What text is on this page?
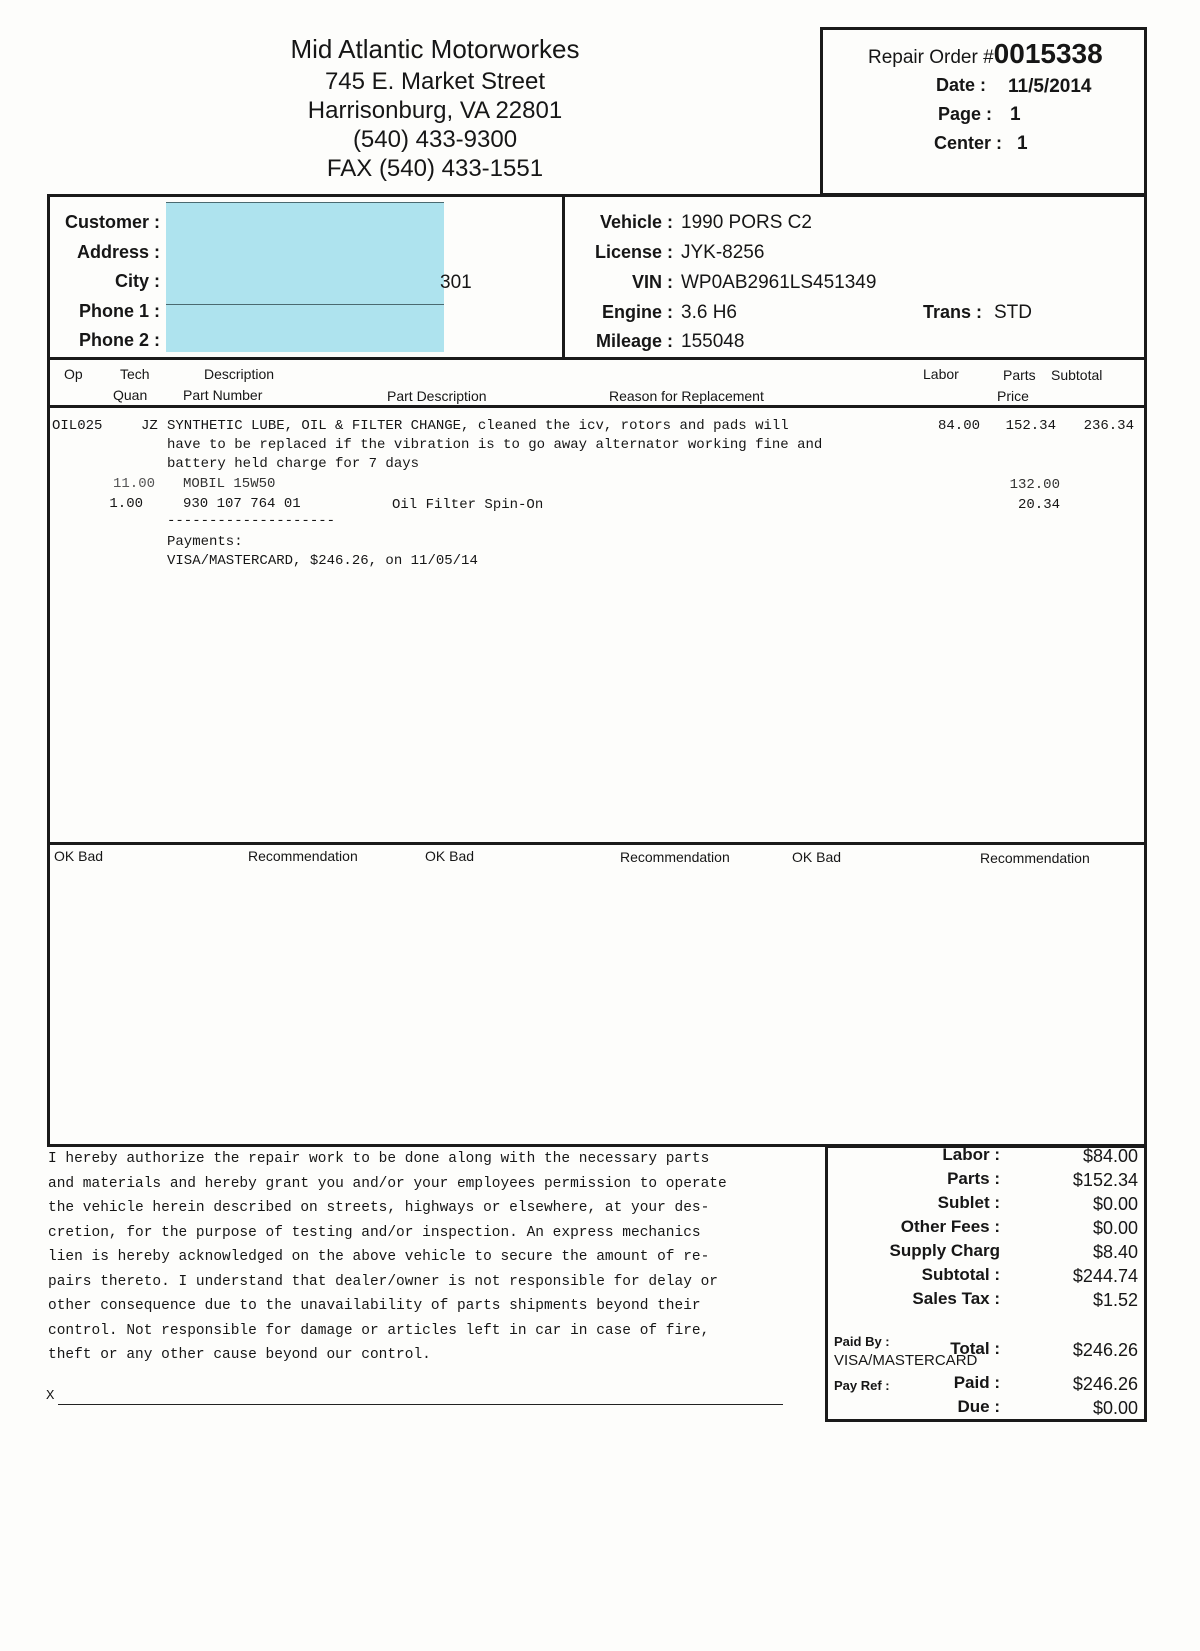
Mid Atlantic Motorworkes
745 E. Market Street
Harrisonburg, VA 22801
(540) 433-9300
FAX (540) 433-1551
Repair Order #0015338
Date : 11/5/2014
Page : 1
Center : 1
Customer :
Address :
City :
Phone 1 :
Phone 2 :
301
Vehicle : 1990 PORS C2
License : JYK-8256
VIN : WP0AB2961LS451349
Engine : 3.6 H6
Mileage : 155048
Trans : STD
Op	Tech	Description	Labor	Parts Subtotal
Quan	Part Number	Part Description	Reason for Replacement	Price
OIL025	JZ SYNTHETIC LUBE, OIL & FILTER CHANGE, cleaned the icv, rotors and pads will
have to be replaced if the vibration is to go away alternator working fine and
battery held charge for 7 days
84.00	152.34	236.34
11.00 MOBIL 15W50	132.00
1.00	930 107 764 01	Oil Filter Spin-On	20.34
--------------------
Payments:
VISA/MASTERCARD, $246.26, on 11/05/14
OK Bad	Recommendation	OK Bad	Recommendation	OK Bad	Recommendation
I hereby authorize the repair work to be done along with the necessary parts
and materials and hereby grant you and/or your employees permission to operate
the vehicle herein described on streets, highways or elsewhere, at your des-
cretion, for the purpose of testing and/or inspection. An express mechanics
lien is hereby acknowledged on the above vehicle to secure the amount of re-
pairs thereto. I understand that dealer/owner is not responsible for delay or
other consequence due to the unavailability of parts shipments beyond their
control. Not responsible for damage or articles left in car in case of fire,
theft or any other cause beyond our control.
X
Labor :	$84.00
Parts :	$152.34
Sublet :	$0.00
Other Fees :	$0.00
Supply Charg	$8.40
Subtotal :	$244.74
Sales Tax :	$1.52
Paid By :
VISA/MASTERCARD
Pay Ref :
Total :	$246.26
Paid :	$246.26
Due :	$0.00
